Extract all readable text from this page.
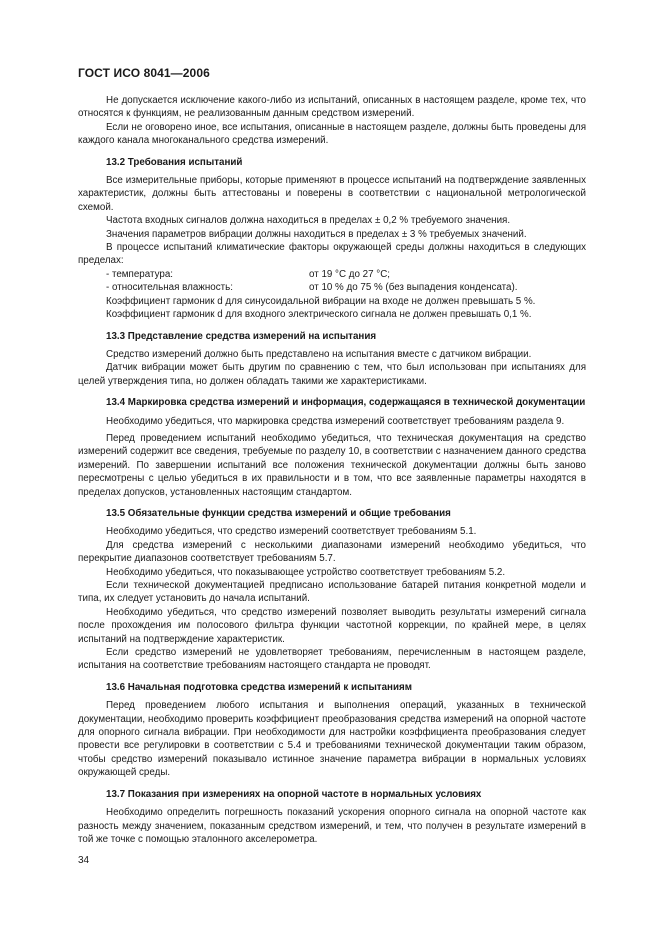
ГОСТ ИСО 8041—2006

Не допускается исключение какого-либо из испытаний, описанных в настоящем разделе, кроме тех, что относятся к функциям, не реализованным данным средством измерений.

Если не оговорено иное, все испытания, описанные в настоящем разделе, должны быть проведены для каждого канала многоканального средства измерений.

13.2 Требования испытаний

Все измерительные приборы, которые применяют в процессе испытаний на подтверждение заявленных характеристик, должны быть аттестованы и поверены в соответствии с национальной метрологической схемой.

Частота входных сигналов должна находиться в пределах ± 0,2 % требуемого значения.

Значения параметров вибрации должны находиться в пределах ± 3 % требуемых значений.

В процессе испытаний климатические факторы окружающей среды должны находиться в следующих пределах:

- температура:	от 19 °С до 27 °С;
- относительная влажность:	от 10 % до 75 % (без выпадения конденсата).

Коэффициент гармоник d для синусоидальной вибрации на входе не должен превышать 5 %.

Коэффициент гармоник d для входного электрического сигнала не должен превышать 0,1 %.

13.3 Представление средства измерений на испытания

Средство измерений должно быть представлено на испытания вместе с датчиком вибрации.

Датчик вибрации может быть другим по сравнению с тем, что был использован при испытаниях для целей утверждения типа, но должен обладать такими же характеристиками.

13.4 Маркировка средства измерений и информация, содержащаяся в технической документации

Необходимо убедиться, что маркировка средства измерений соответствует требованиям раздела 9.

Перед проведением испытаний необходимо убедиться, что техническая документация на средство измерений содержит все сведения, требуемые по разделу 10, в соответствии с назначением данного средства измерений. По завершении испытаний все положения технической документации должны быть заново пересмотрены с целью убедиться в их правильности и в том, что все заявленные параметры находятся в пределах допусков, установленных настоящим стандартом.

13.5 Обязательные функции средства измерений и общие требования

Необходимо убедиться, что средство измерений соответствует требованиям 5.1.

Для средства измерений с несколькими диапазонами измерений необходимо убедиться, что перекрытие диапазонов соответствует требованиям 5.7.

Необходимо убедиться, что показывающее устройство соответствует требованиям 5.2.

Если технической документацией предписано использование батарей питания конкретной модели и типа, их следует установить до начала испытаний.

Необходимо убедиться, что средство измерений позволяет выводить результаты измерений сигнала после прохождения им полосового фильтра функции частотной коррекции, по крайней мере, в целях испытаний на подтверждение характеристик.

Если средство измерений не удовлетворяет требованиям, перечисленным в настоящем разделе, испытания на соответствие требованиям настоящего стандарта не проводят.

13.6 Начальная подготовка средства измерений к испытаниям

Перед проведением любого испытания и выполнения операций, указанных в технической документации, необходимо проверить коэффициент преобразования средства измерений на опорной частоте для опорного сигнала вибрации. При необходимости для настройки коэффициента преобразования следует провести все регулировки в соответствии с 5.4 и требованиями технической документации таким образом, чтобы средство измерений показывало истинное значение параметра вибрации в нормальных условиях окружающей среды.

13.7 Показания при измерениях на опорной частоте в нормальных условиях

Необходимо определить погрешность показаний ускорения опорного сигнала на опорной частоте как разность между значением, показанным средством измерений, и тем, что получен в результате измерений в той же точке с помощью эталонного акселерометра.

34
